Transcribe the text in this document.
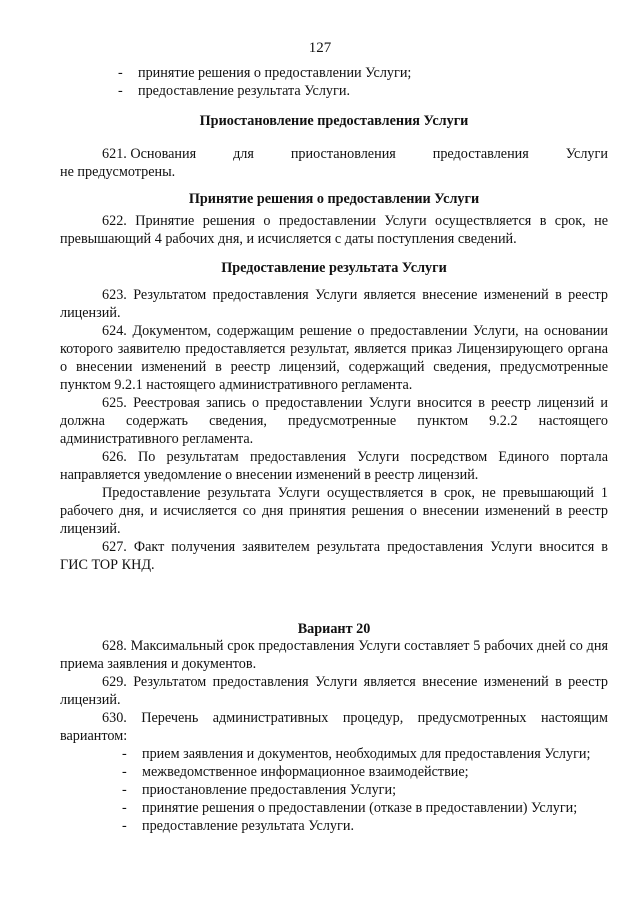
127

- принятие решения о предоставлении Услуги;

- предоставление результата Услуги.

Приостановление предоставления Услуги
621. Основания	для	приостановления	предоставления	Услуги

не предусмотрены.

Принятие решения о предоставлении Услуги

622. Принятие решения о предоставлении Услуги осуществляется в срок, не превышающий 4 рабочих дня, и исчисляется с даты поступления сведений.

Предоставление результата Услуги

623. Результатом предоставления Услуги является внесение изменений в реестр лицензий.

624. Документом, содержащим решение о предоставлении Услуги, на основании которого заявителю предоставляется результат, является приказ Лицензирующего органа о внесении изменений в реестр лицензий, содержащий сведения, предусмотренные пунктом 9.2.1 настоящего административного регламента.

625. Реестровая запись о предоставлении Услуги вносится в реестр лицензий и должна содержать сведения, предусмотренные пунктом 9.2.2 настоящего административного регламента.

626. По результатам предоставления Услуги посредством Единого портала направляется уведомление о внесении изменений в реестр лицензий.

Предоставление результата Услуги осуществляется в срок, не превышающий 1 рабочего дня, и исчисляется со дня принятия решения о внесении изменений в реестр лицензий.

627. Факт получения заявителем результата предоставления Услуги вносится в ГИС ТОР КНД.

Вариант 20

628. Максимальный срок предоставления Услуги составляет 5 рабочих дней со дня приема заявления и документов.

629. Результатом предоставления Услуги является внесение изменений в реестр лицензий.

630. Перечень административных процедур, предусмотренных настоящим вариантом:

- прием заявления и документов, необходимых для предоставления Услуги;

- межведомственное информационное взаимодействие;

- приостановление предоставления Услуги;

- принятие решения о предоставлении (отказе в предоставлении) Услуги;

- предоставление результата Услуги.
